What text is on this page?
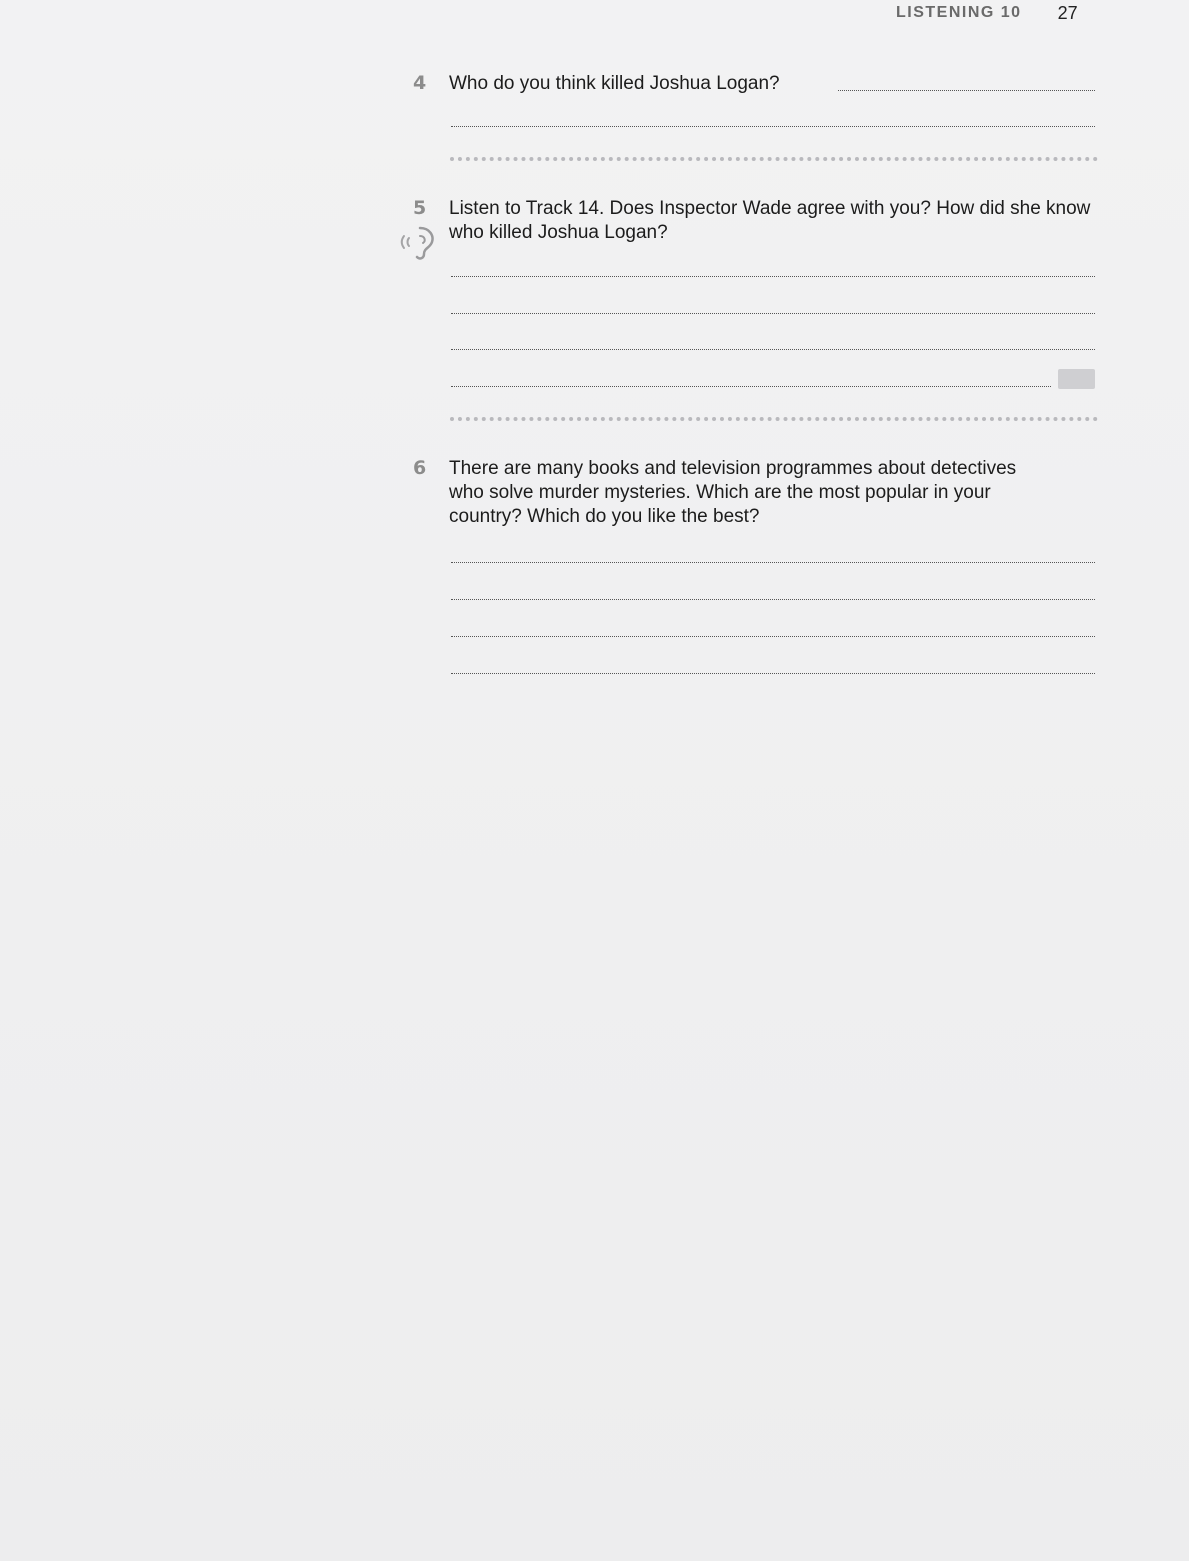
LISTENING 10 27
4 Who do you think killed Joshua Logan?
5 Listen to Track 14. Does Inspector Wade agree with you? How did she know who killed Joshua Logan?
6 There are many books and television programmes about detectives who solve murder mysteries. Which are the most popular in your country? Which do you like the best?
